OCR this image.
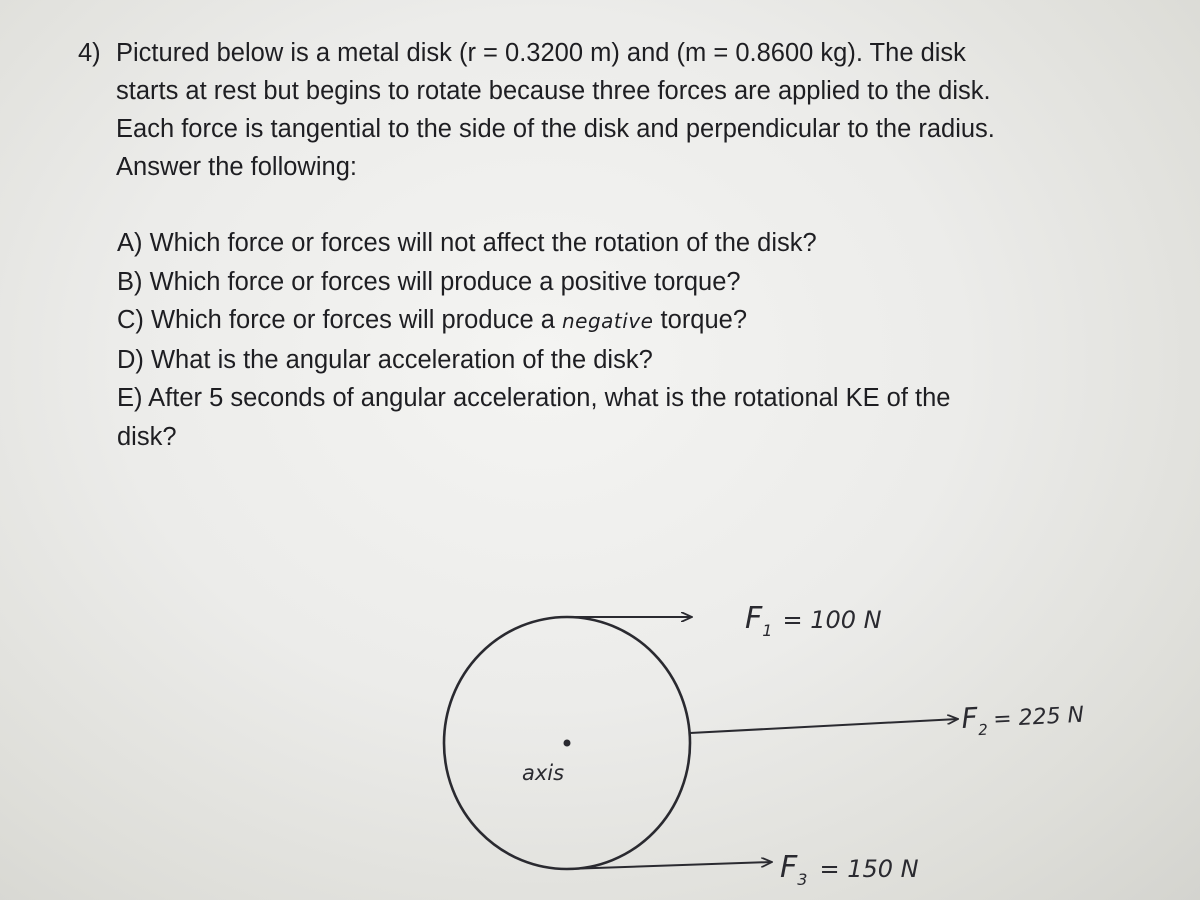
4) Pictured below is a metal disk (r = 0.3200 m) and (m = 0.8600 kg). The disk
starts at rest but begins to rotate because three forces are applied to the disk.
Each force is tangential to the side of the disk and perpendicular to the radius.
Answer the following:
A) Which force or forces will not affect the rotation of the disk?
B) Which force or forces will produce a positive torque?
C) Which force or forces will produce a negative torque?
D) What is the angular acceleration of the disk?
E) After 5 seconds of angular acceleration, what is the rotational KE of the
disk?
axis
$F_1$ $^{= 100 N}$
$F_2$ $^{= 225 N}$
$F_3$ $^{= 150 N}$
